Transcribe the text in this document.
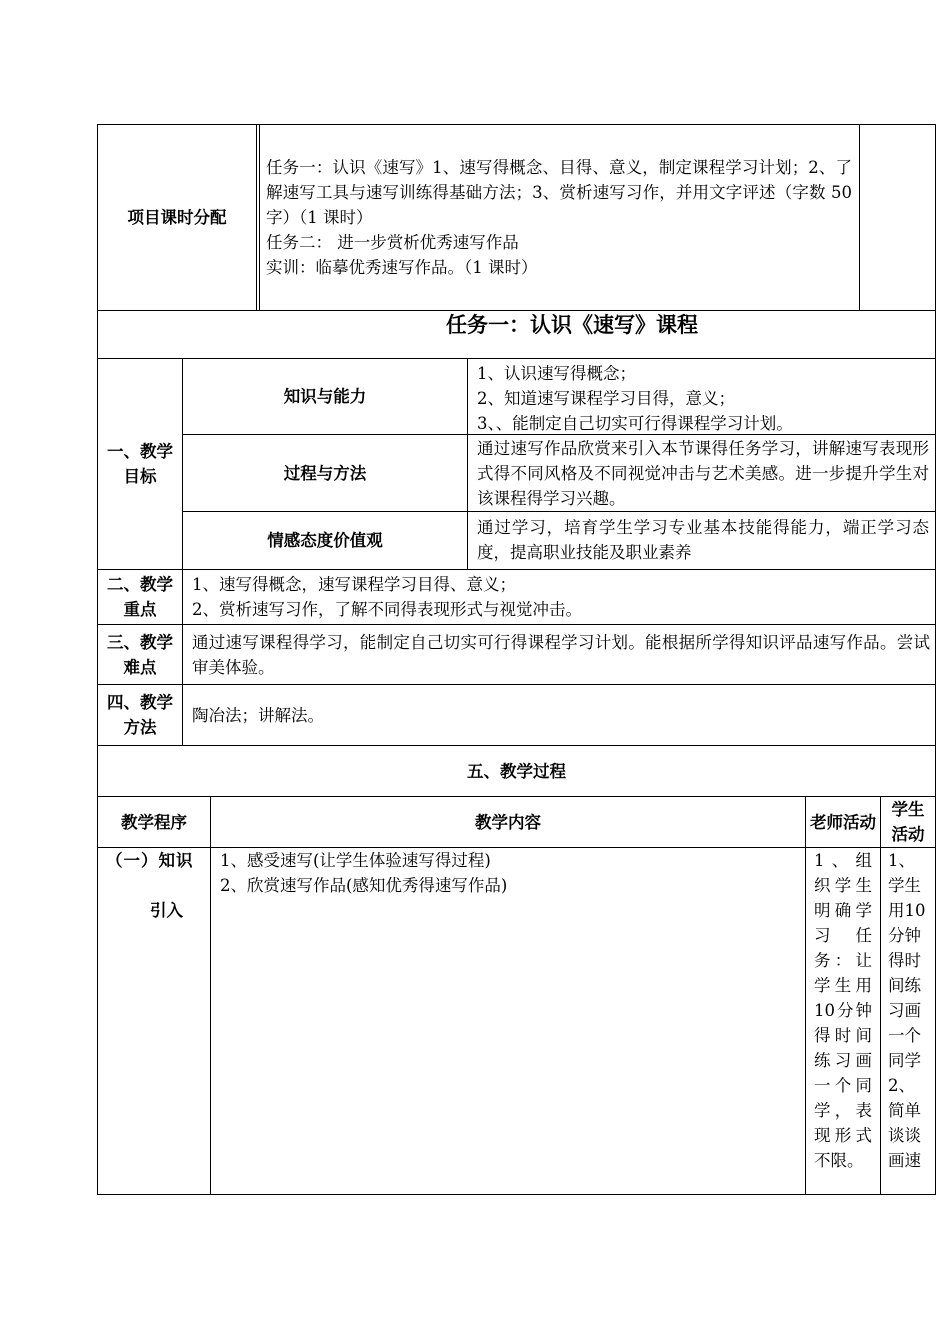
项目课时分配
任务一：认识《速写》1、速写得概念、目得、意义，制定课程学习计划；2、了解速写工具与速写训练得基础方法；3、赏析速写习作，并用文字评述（字数 50 字）（1 课时）
任务二： 进一步赏析优秀速写作品
实训：临摹优秀速写作品。（1 课时）
任务一：认识《速写》课程
一、教学目标
知识与能力
1、认识速写得概念；
2、知道速写课程学习目得，意义；
3、、能制定自己切实可行得课程学习计划。
过程与方法
通过速写作品欣赏来引入本节课得任务学习，讲解速写表现形式得不同风格及不同视觉冲击与艺术美感。进一步提升学生对该课程得学习兴趣。
情感态度价值观
通过学习，培育学生学习专业基本技能得能力，端正学习态度，提高职业技能及职业素养
二、教学重点
1、速写得概念，速写课程学习目得、意义；
2、赏析速写习作，了解不同得表现形式与视觉冲击。
三、教学难点
通过速写课程得学习，能制定自己切实可行得课程学习计划。能根据所学得知识评品速写作品。尝试审美体验。
四、教学方法
陶冶法；讲解法。
五、教学过程
教学程序	教学内容	老师活动
学生活动
（一）知识
引入
1、感受速写(让学生体验速写得过程)
2、欣赏速写作品(感知优秀得速写作品)
1、组织学生明确学习任务：让学生用10分钟得时间练习画一个同学，表现形式不限。
1、学生用10分钟得时间练习画一个同学2、简单谈谈画速
